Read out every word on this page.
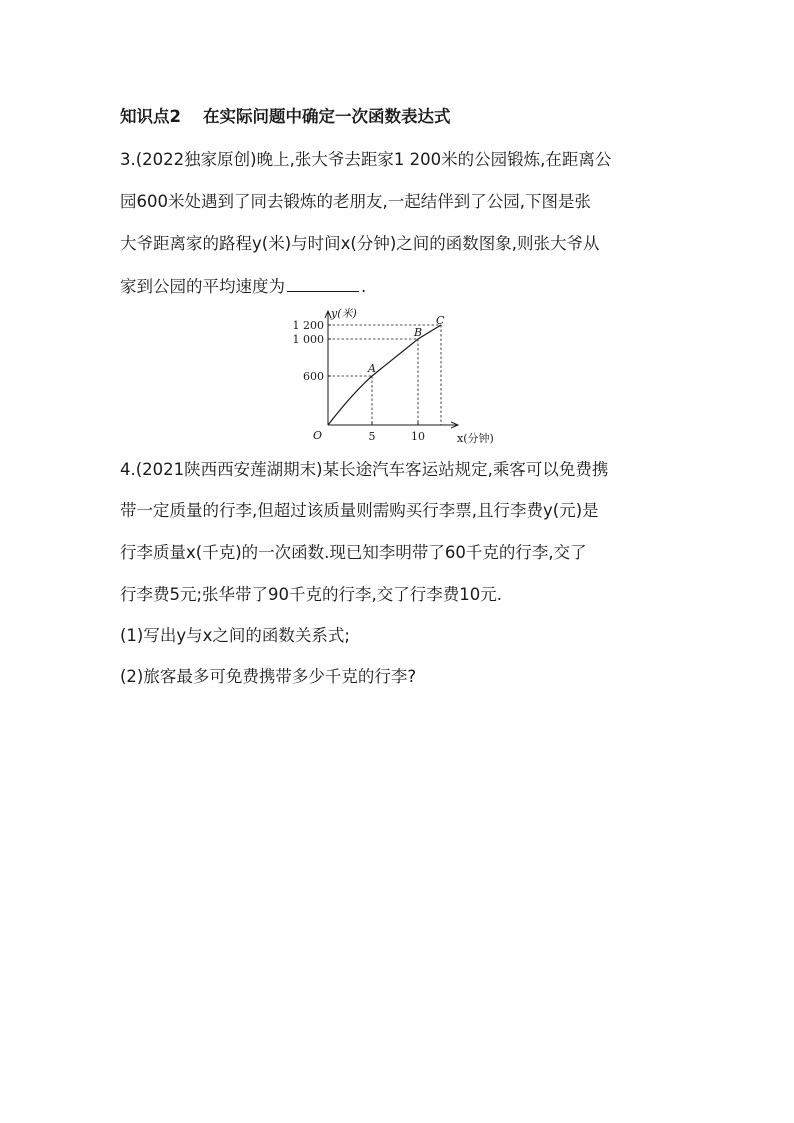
知识点2 在实际问题中确定一次函数表达式
3.(2022独家原创)晚上,张大爷去距家1 200米的公园锻炼,在距离公
园600米处遇到了同去锻炼的老朋友,一起结伴到了公园,下图是张
大爷距离家的路程y(米)与时间x(分钟)之间的函数图象,则张大爷从
家到公园的平均速度为	.
y(米)
x(分钟)
O
1 200
1 000
600
5	10
A
B
C
4.(2021陕西西安莲湖期末)某长途汽车客运站规定,乘客可以免费携
带一定质量的行李,但超过该质量则需购买行李票,且行李费y(元)是
行李质量x(千克)的一次函数.现已知李明带了60千克的行李,交了
行李费5元;张华带了90千克的行李,交了行李费10元.
(1)写出y与x之间的函数关系式;
(2)旅客最多可免费携带多少千克的行李?
